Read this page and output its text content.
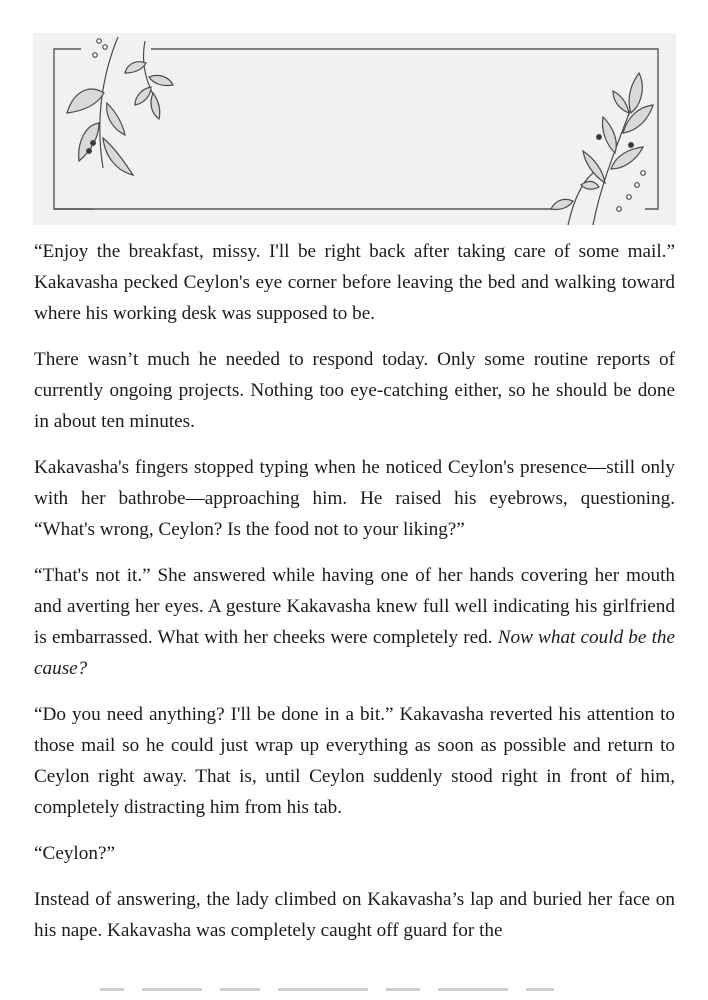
“Enjoy the breakfast, missy. I'll be right back after taking care of some mail.” Kakavasha pecked Ceylon's eye corner before leaving the bed and walking toward where his working desk was supposed to be.

There wasn’t much he needed to respond today. Only some routine reports of currently ongoing projects. Nothing too eye-catching either, so he should be done in about ten minutes.

Kakavasha's fingers stopped typing when he noticed Ceylon's presence—still only with her bathrobe—approaching him. He raised his eyebrows, questioning. “What's wrong, Ceylon? Is the food not to your liking?”

“That's not it.” She answered while having one of her hands covering her mouth and averting her eyes. A gesture Kakavasha knew full well indicating his girlfriend is embarrassed. What with her cheeks were completely red. Now what could be the cause?

“Do you need anything? I'll be done in a bit.” Kakavasha reverted his attention to those mail so he could just wrap up everything as soon as possible and return to Ceylon right away. That is, until Ceylon suddenly stood right in front of him, completely distracting him from his tab.

“Ceylon?”

Instead of answering, the lady climbed on Kakavasha’s lap and buried her face on his nape. Kakavasha was completely caught off guard for the
